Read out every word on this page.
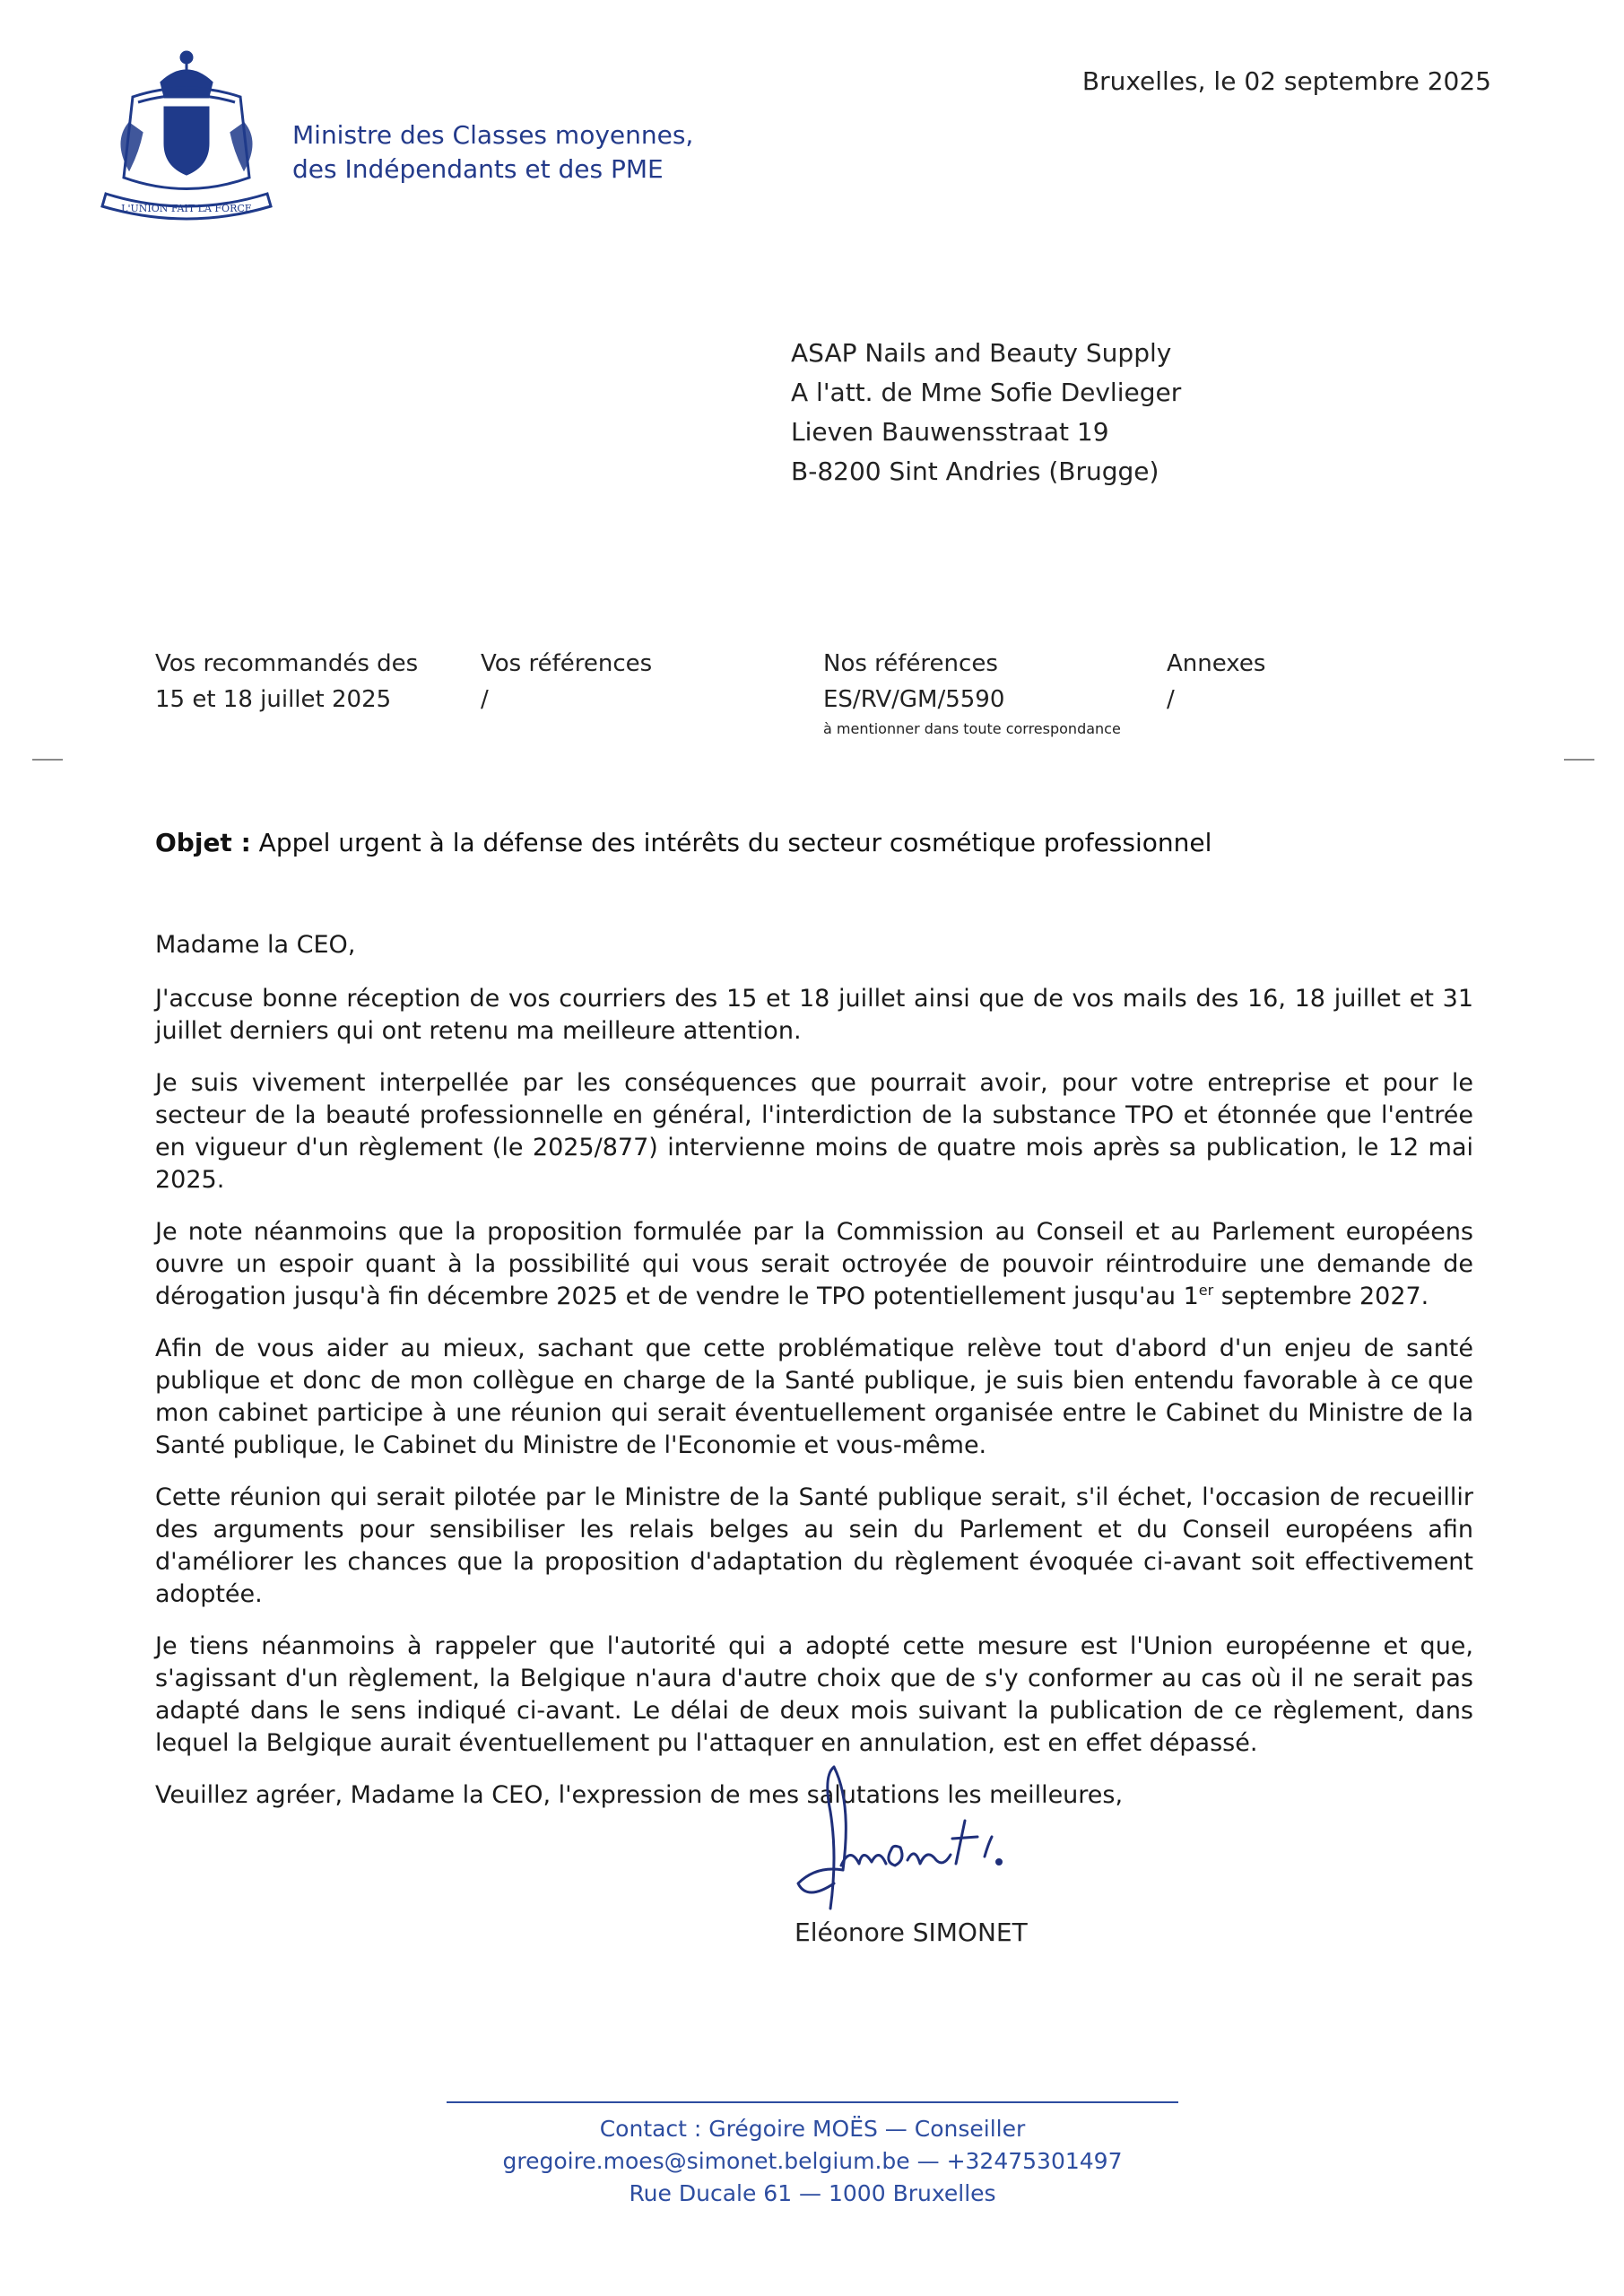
L'UNION FAIT LA FORCE
Ministre des Classes moyennes,
des Indépendants et des PME
Bruxelles, le 02 septembre 2025
ASAP Nails and Beauty Supply
A l'att. de Mme Sofie Devlieger
Lieven Bauwensstraat 19
B-8200 Sint Andries (Brugge)
Vos recommandés des
15 et 18 juillet 2025
Vos références
/
Nos références
ES/RV/GM/5590
à mentionner dans toute correspondance
Annexes
/
Objet : Appel urgent à la défense des intérêts du secteur cosmétique professionnel

Madame la CEO,

J'accuse bonne réception de vos courriers des 15 et 18 juillet ainsi que de vos mails des 16, 18 juillet et 31 juillet derniers qui ont retenu ma meilleure attention.

Je suis vivement interpellée par les conséquences que pourrait avoir, pour votre entreprise et pour le secteur de la beauté professionnelle en général, l'interdiction de la substance TPO et étonnée que l'entrée en vigueur d'un règlement (le 2025/877) intervienne moins de quatre mois après sa publication, le 12 mai 2025.

Je note néanmoins que la proposition formulée par la Commission au Conseil et au Parlement européens ouvre un espoir quant à la possibilité qui vous serait octroyée de pouvoir réintroduire une demande de dérogation jusqu'à fin décembre 2025 et de vendre le TPO potentiellement jusqu'au 1er septembre 2027.

Afin de vous aider au mieux, sachant que cette problématique relève tout d'abord d'un enjeu de santé publique et donc de mon collègue en charge de la Santé publique, je suis bien entendu favorable à ce que mon cabinet participe à une réunion qui serait éventuellement organisée entre le Cabinet du Ministre de la Santé publique, le Cabinet du Ministre de l'Economie et vous-même.

Cette réunion qui serait pilotée par le Ministre de la Santé publique serait, s'il échet, l'occasion de recueillir des arguments pour sensibiliser les relais belges au sein du Parlement et du Conseil européens afin d'améliorer les chances que la proposition d'adaptation du règlement évoquée ci-avant soit effectivement adoptée.

Je tiens néanmoins à rappeler que l'autorité qui a adopté cette mesure est l'Union européenne et que, s'agissant d'un règlement, la Belgique n'aura d'autre choix que de s'y conformer au cas où il ne serait pas adapté dans le sens indiqué ci-avant. Le délai de deux mois suivant la publication de ce règlement, dans lequel la Belgique aurait éventuellement pu l'attaquer en annulation, est en effet dépassé.

Veuillez agréer, Madame la CEO, l'expression de mes salutations les meilleures,

Eléonore SIMONET
Contact : Grégoire MOËS — Conseiller
gregoire.moes@simonet.belgium.be — +32475301497
Rue Ducale 61 — 1000 Bruxelles
